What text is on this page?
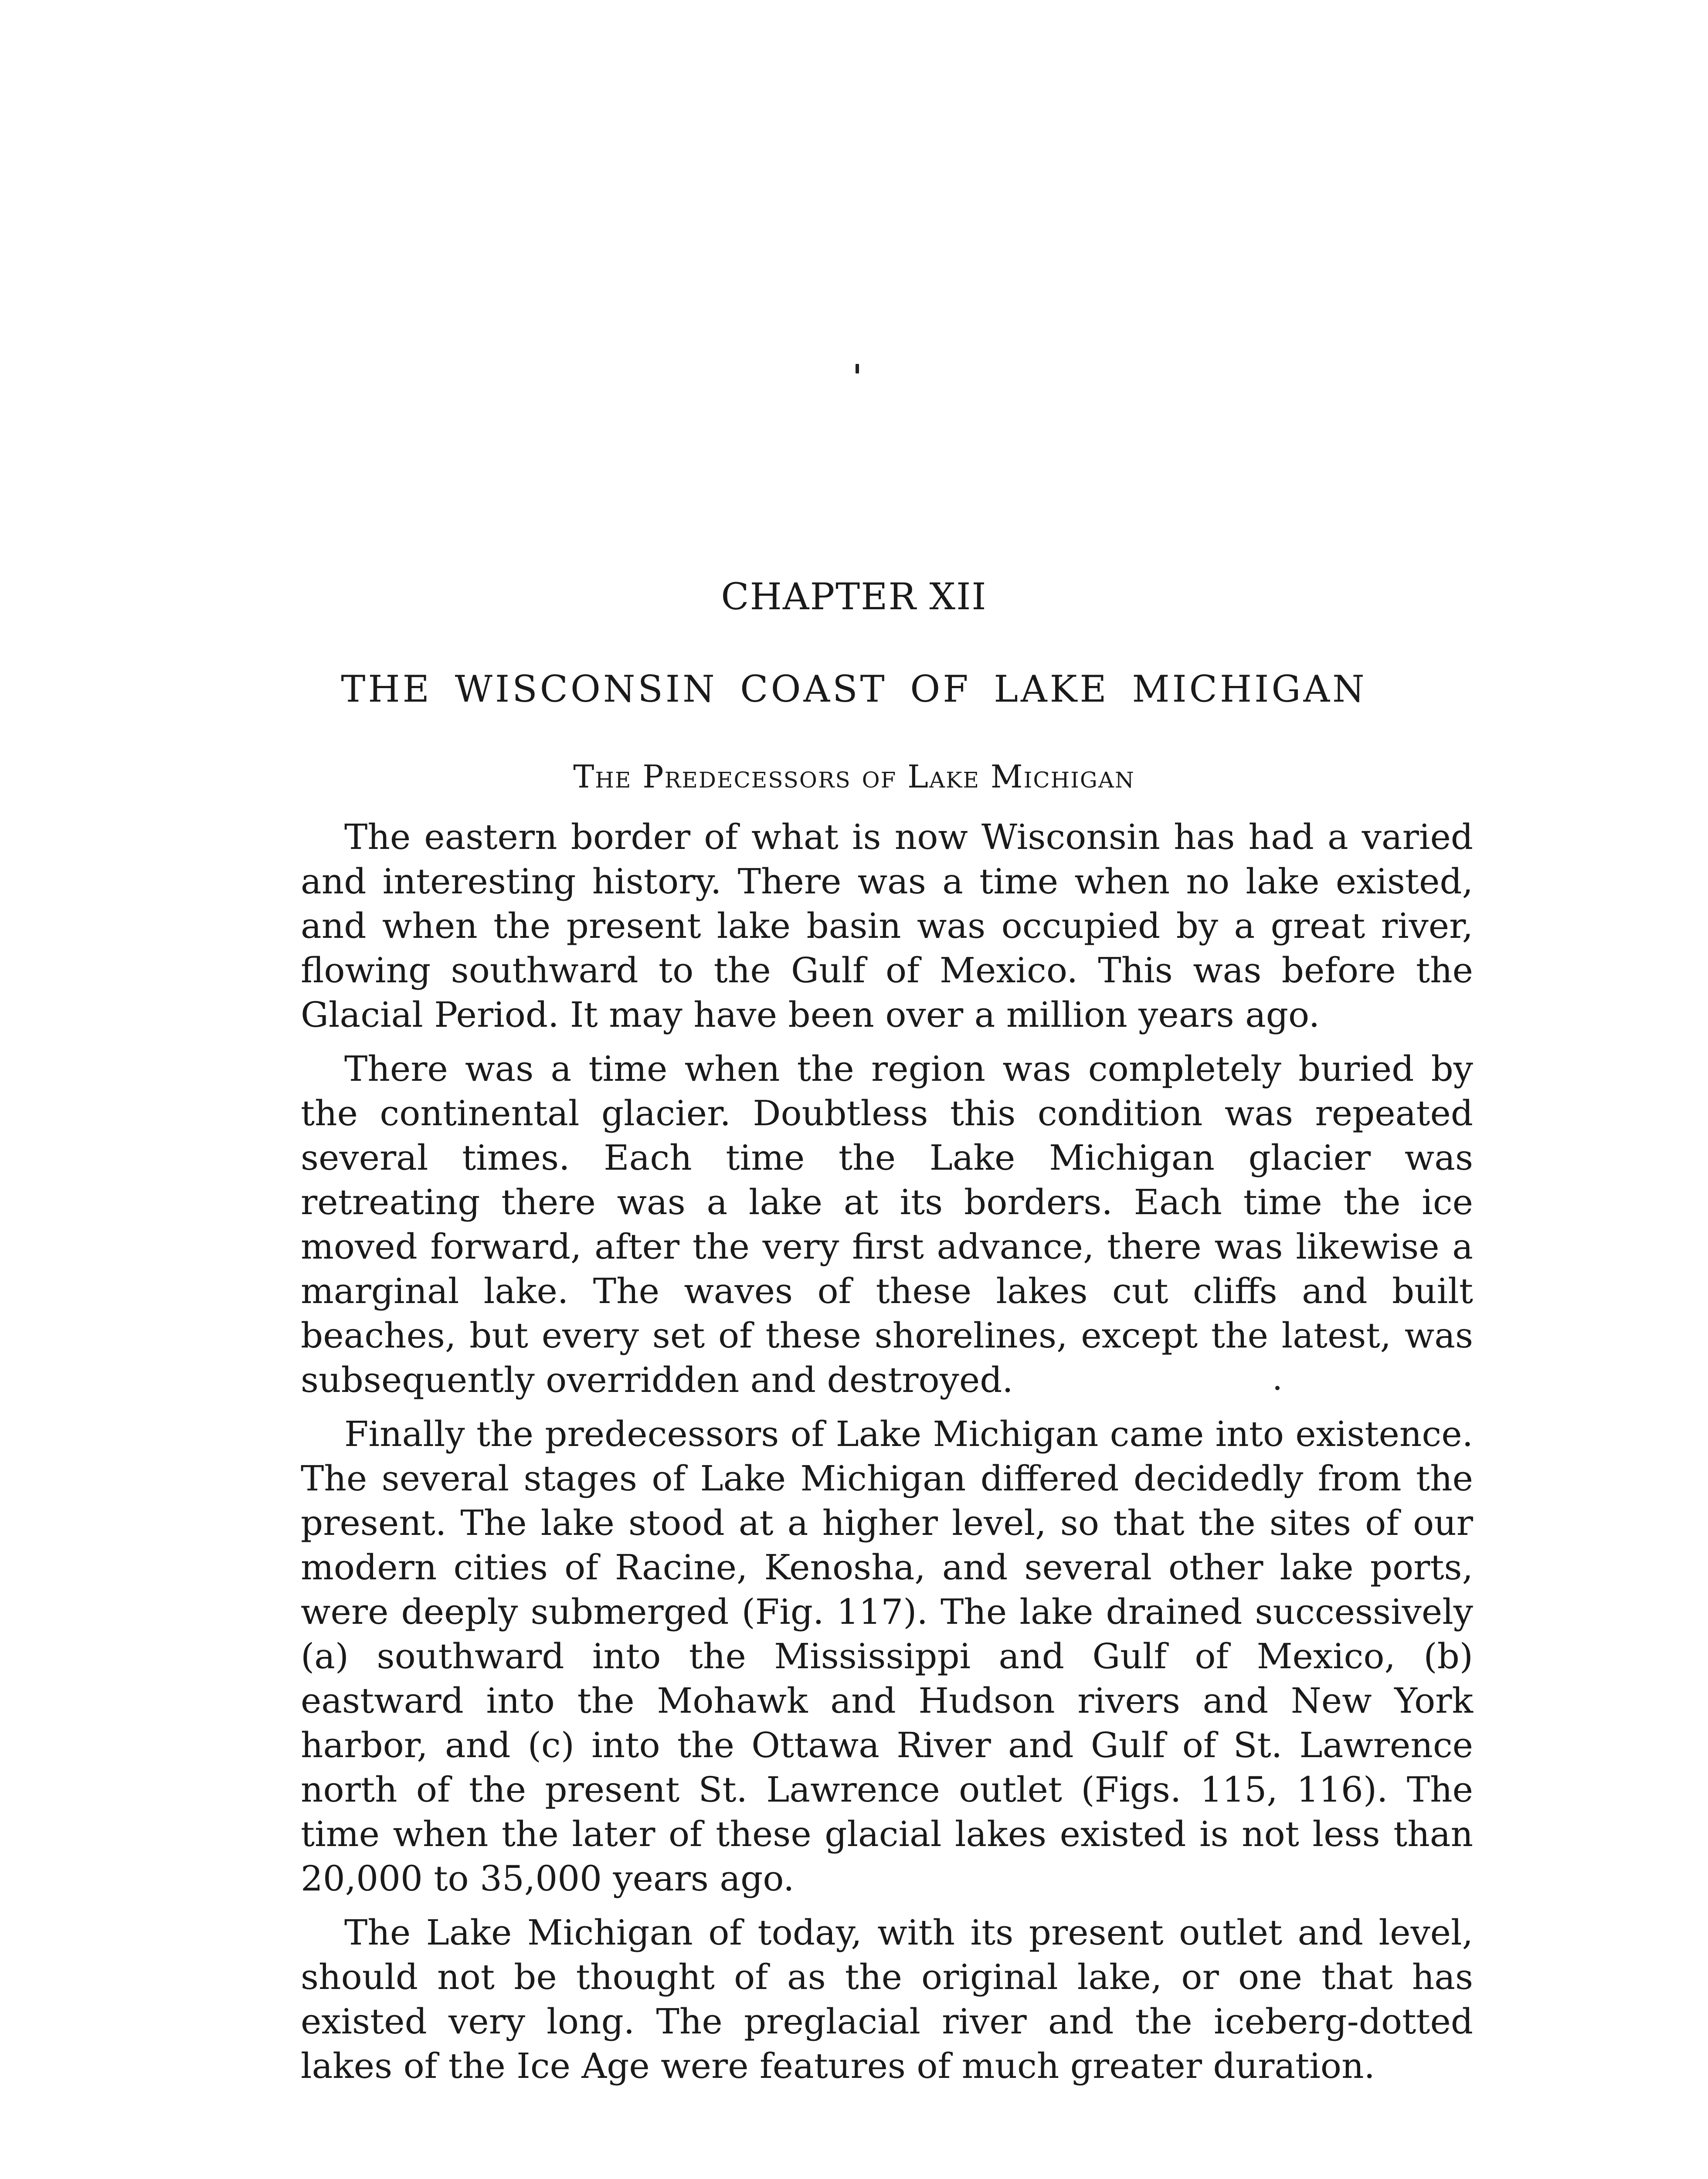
CHAPTER XII
THE WISCONSIN COAST OF LAKE MICHIGAN
The Predecessors of Lake Michigan

The eastern border of what is now Wisconsin has had a varied and interesting history. There was a time when no lake existed, and when the present lake basin was occupied by a great river, flowing southward to the Gulf of Mexico. This was before the Glacial Period. It may have been over a million years ago.

There was a time when the region was completely buried by the continental glacier. Doubtless this condition was repeated several times. Each time the Lake Michigan glacier was retreating there was a lake at its borders. Each time the ice moved forward, after the very first advance, there was likewise a marginal lake. The waves of these lakes cut cliffs and built beaches, but every set of these shorelines, except the latest, was subsequently overridden and destroyed.

Finally the predecessors of Lake Michigan came into existence. The several stages of Lake Michigan differed decidedly from the present. The lake stood at a higher level, so that the sites of our modern cities of Racine, Kenosha, and several other lake ports, were deeply submerged (Fig. 117). The lake drained successively (a) southward into the Mississippi and Gulf of Mexico, (b) eastward into the Mohawk and Hudson rivers and New York harbor, and (c) into the Ottawa River and Gulf of St. Lawrence north of the present St. Lawrence outlet (Figs. 115, 116). The time when the later of these glacial lakes existed is not less than 20,000 to 35,000 years ago.

The Lake Michigan of today, with its present outlet and level, should not be thought of as the original lake, or one that has existed very long. The preglacial river and the iceberg-dotted lakes of the Ice Age were features of much greater duration.
